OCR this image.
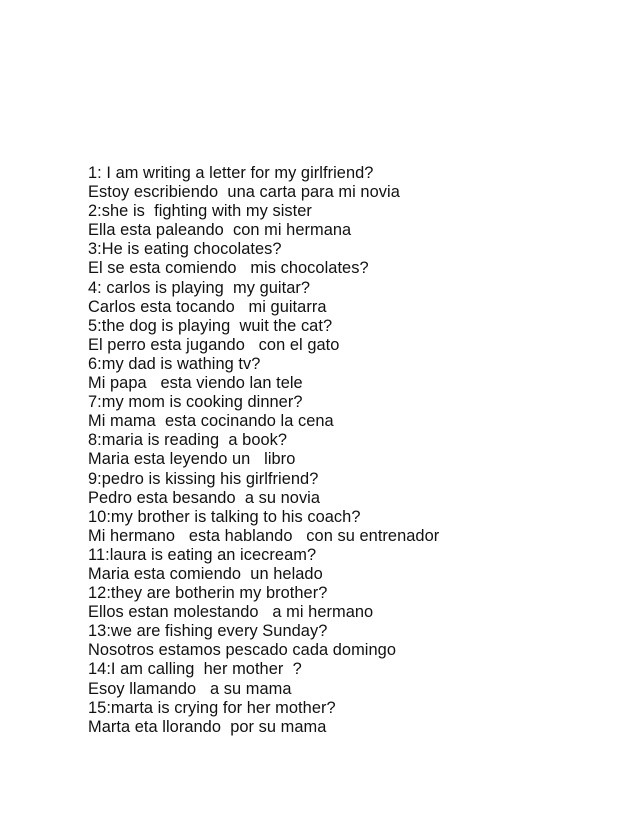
1: I am writing a letter for my girlfriend?
Estoy escribiendo  una carta para mi novia
2:she is  fighting with my sister
Ella esta paleando  con mi hermana
3:He is eating chocolates?
El se esta comiendo   mis chocolates?
4: carlos is playing  my guitar?
Carlos esta tocando   mi guitarra
5:the dog is playing  wuit the cat?
El perro esta jugando   con el gato
6:my dad is wathing tv?
Mi papa   esta viendo lan tele
7:my mom is cooking dinner?
Mi mama  esta cocinando la cena
8:maria is reading  a book?
Maria esta leyendo un   libro
9:pedro is kissing his girlfriend?
Pedro esta besando  a su novia
10:my brother is talking to his coach?
Mi hermano   esta hablando   con su entrenador
11:laura is eating an icecream?
Maria esta comiendo  un helado
12:they are botherin my brother?
Ellos estan molestando   a mi hermano
13:we are fishing every Sunday?
Nosotros estamos pescado cada domingo
14:I am calling  her mother  ?
Esoy llamando   a su mama
15:marta is crying for her mother?
Marta eta llorando  por su mama
